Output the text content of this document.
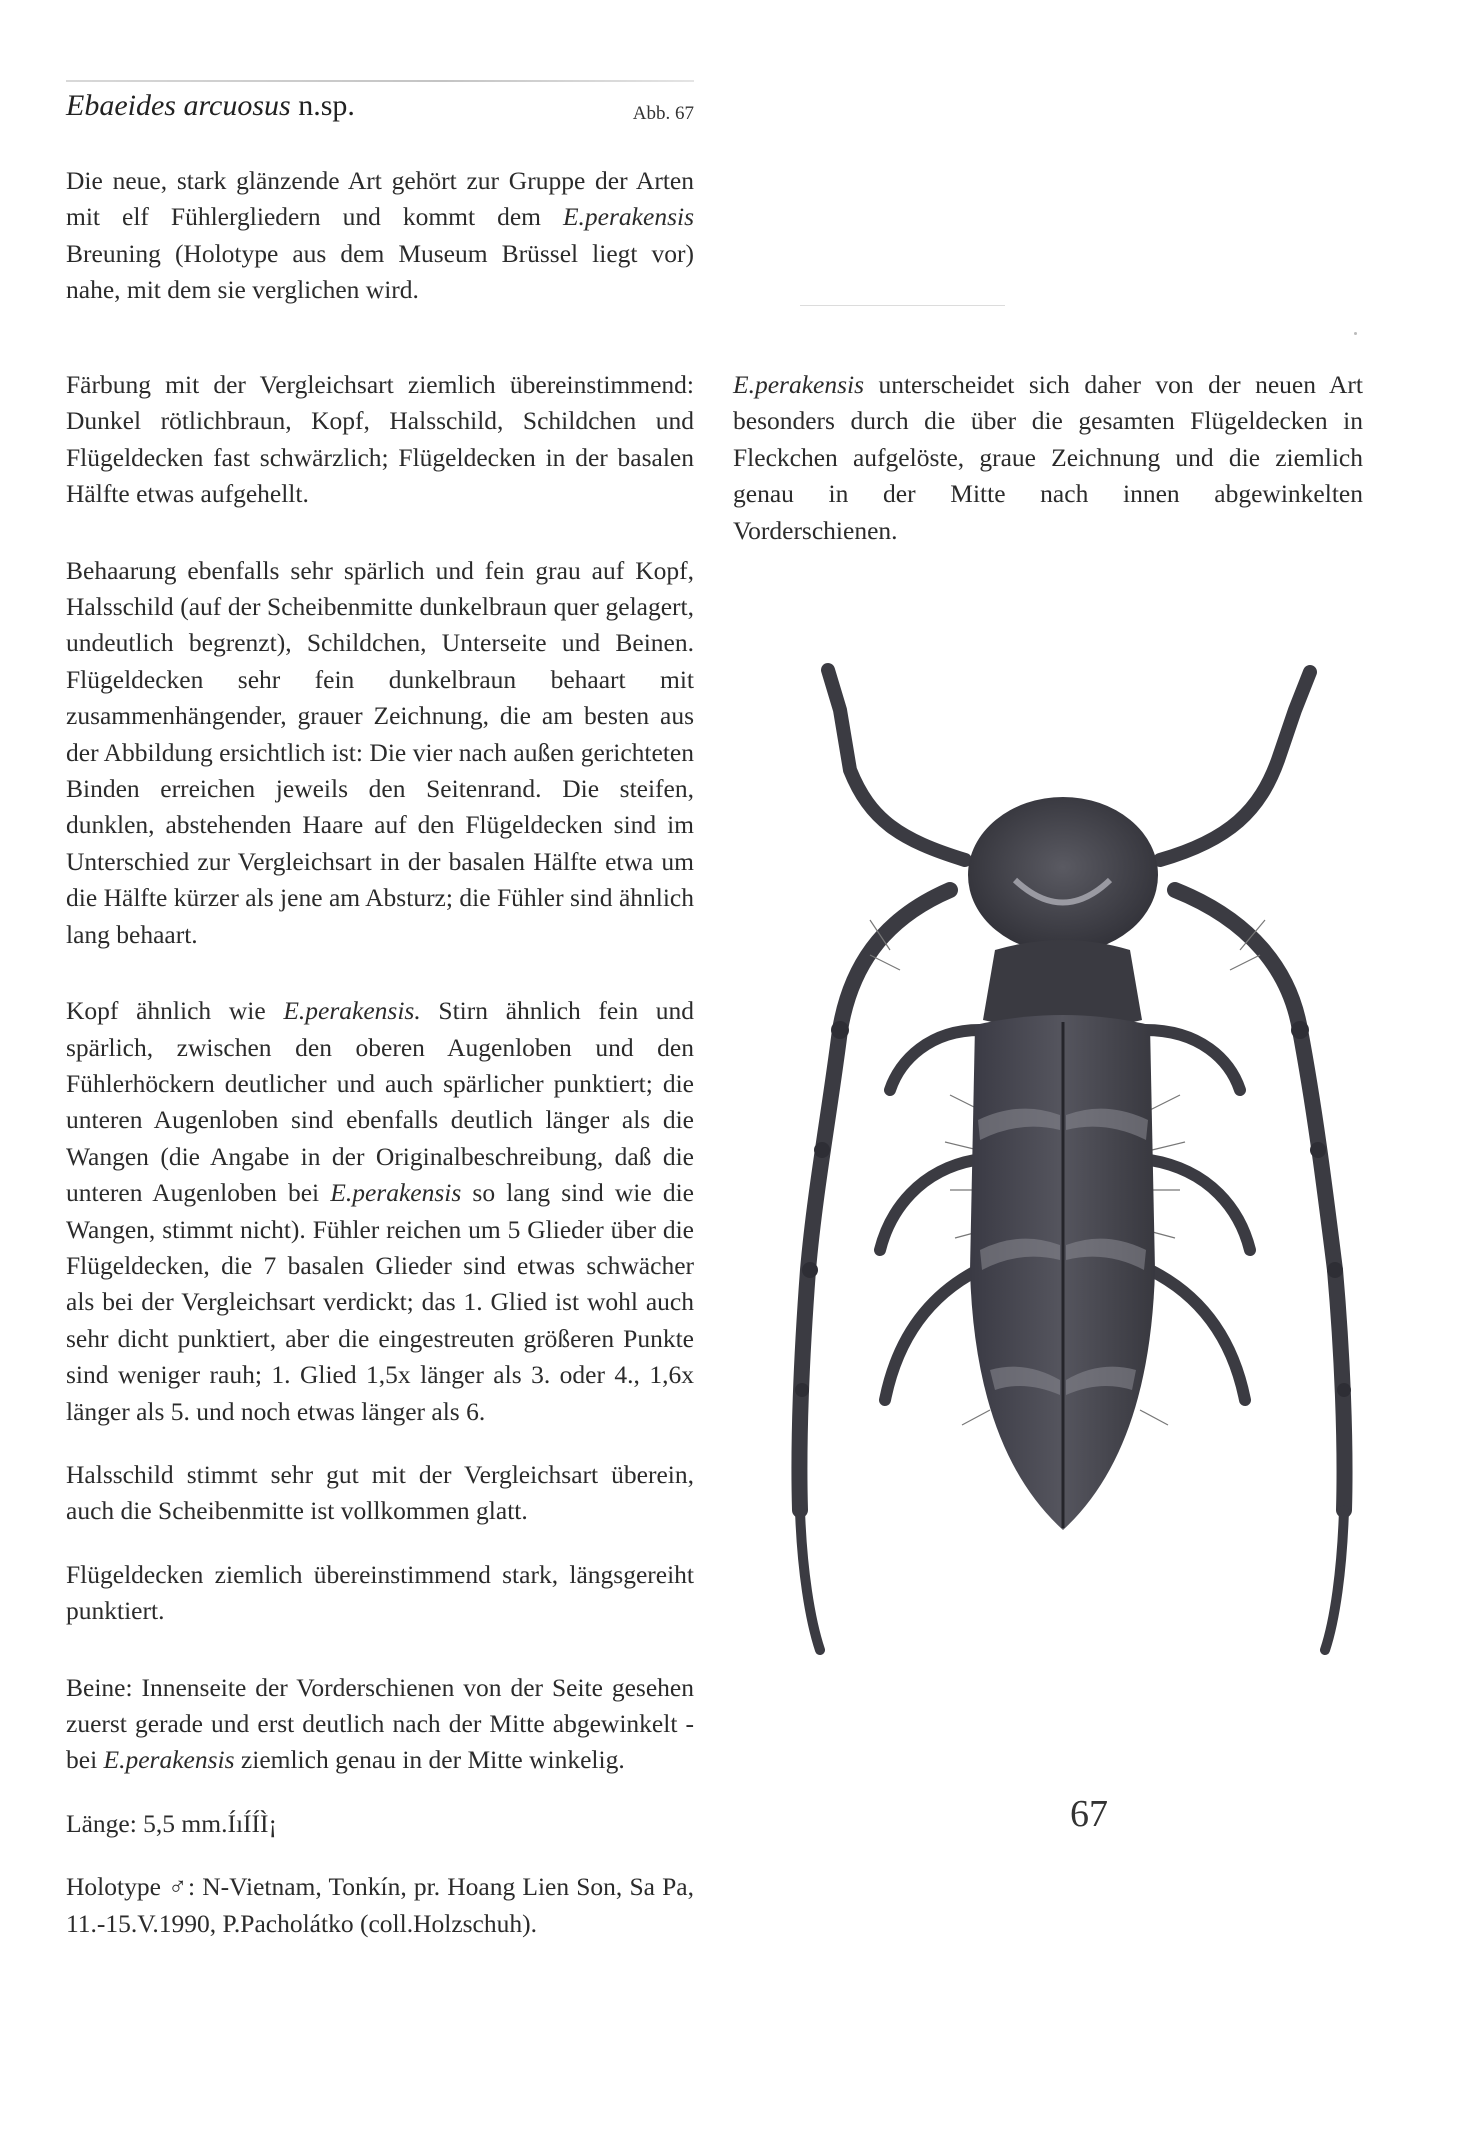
Ebaeides arcuosus n.sp.	Abb. 67

Die neue, stark glänzende Art gehört zur Gruppe der Arten mit elf Fühlergliedern und kommt dem E.perakensis Breuning (Holotype aus dem Museum Brüssel liegt vor) nahe, mit dem sie verglichen wird.

Färbung mit der Vergleichsart ziemlich übereinstimmend: Dunkel rötlichbraun, Kopf, Halsschild, Schildchen und Flügeldecken fast schwärzlich; Flügeldecken in der basalen Hälfte etwas aufgehellt.

Behaarung ebenfalls sehr spärlich und fein grau auf Kopf, Halsschild (auf der Scheibenmitte dunkelbraun quer gelagert, undeutlich begrenzt), Schildchen, Unterseite und Beinen. Flügeldecken sehr fein dunkelbraun behaart mit zusammenhängender, grauer Zeichnung, die am besten aus der Abbildung ersichtlich ist: Die vier nach außen gerichteten Binden erreichen jeweils den Seitenrand. Die steifen, dunklen, abstehenden Haare auf den Flügeldecken sind im Unterschied zur Vergleichsart in der basalen Hälfte etwa um die Hälfte kürzer als jene am Absturz; die Fühler sind ähnlich lang behaart.

Kopf ähnlich wie E.perakensis. Stirn ähnlich fein und spärlich, zwischen den oberen Augenloben und den Fühlerhöckern deutlicher und auch spärlicher punktiert; die unteren Augenloben sind ebenfalls deutlich länger als die Wangen (die Angabe in der Originalbeschreibung, daß die unteren Augenloben bei E.perakensis so lang sind wie die Wangen, stimmt nicht). Fühler reichen um 5 Glieder über die Flügeldecken, die 7 basalen Glieder sind etwas schwächer als bei der Vergleichsart verdickt; das 1. Glied ist wohl auch sehr dicht punktiert, aber die eingestreuten größeren Punkte sind weniger rauh; 1. Glied 1,5x länger als 3. oder 4., 1,6x länger als 5. und noch etwas länger als 6.

Halsschild stimmt sehr gut mit der Vergleichsart überein, auch die Scheibenmitte ist vollkommen glatt.

Flügeldecken ziemlich übereinstimmend stark, längsgereiht punktiert.

Beine: Innenseite der Vorderschienen von der Seite gesehen zuerst gerade und erst deutlich nach der Mitte abgewinkelt - bei E.perakensis ziemlich genau in der Mitte winkelig.

Länge: 5,5 mm.ÍıÍÍÌ¡

Holotype ♂: N-Vietnam, Tonkín, pr. Hoang Lien Son, Sa Pa, 11.-15.V.1990, P.Pacholátko (coll.Holzschuh).

E.perakensis unterscheidet sich daher von der neuen Art besonders durch die über die gesamten Flügeldecken in Fleckchen aufgelöste, graue Zeichnung und die ziemlich genau in der Mitte nach innen abgewinkelten Vorderschienen.

67
